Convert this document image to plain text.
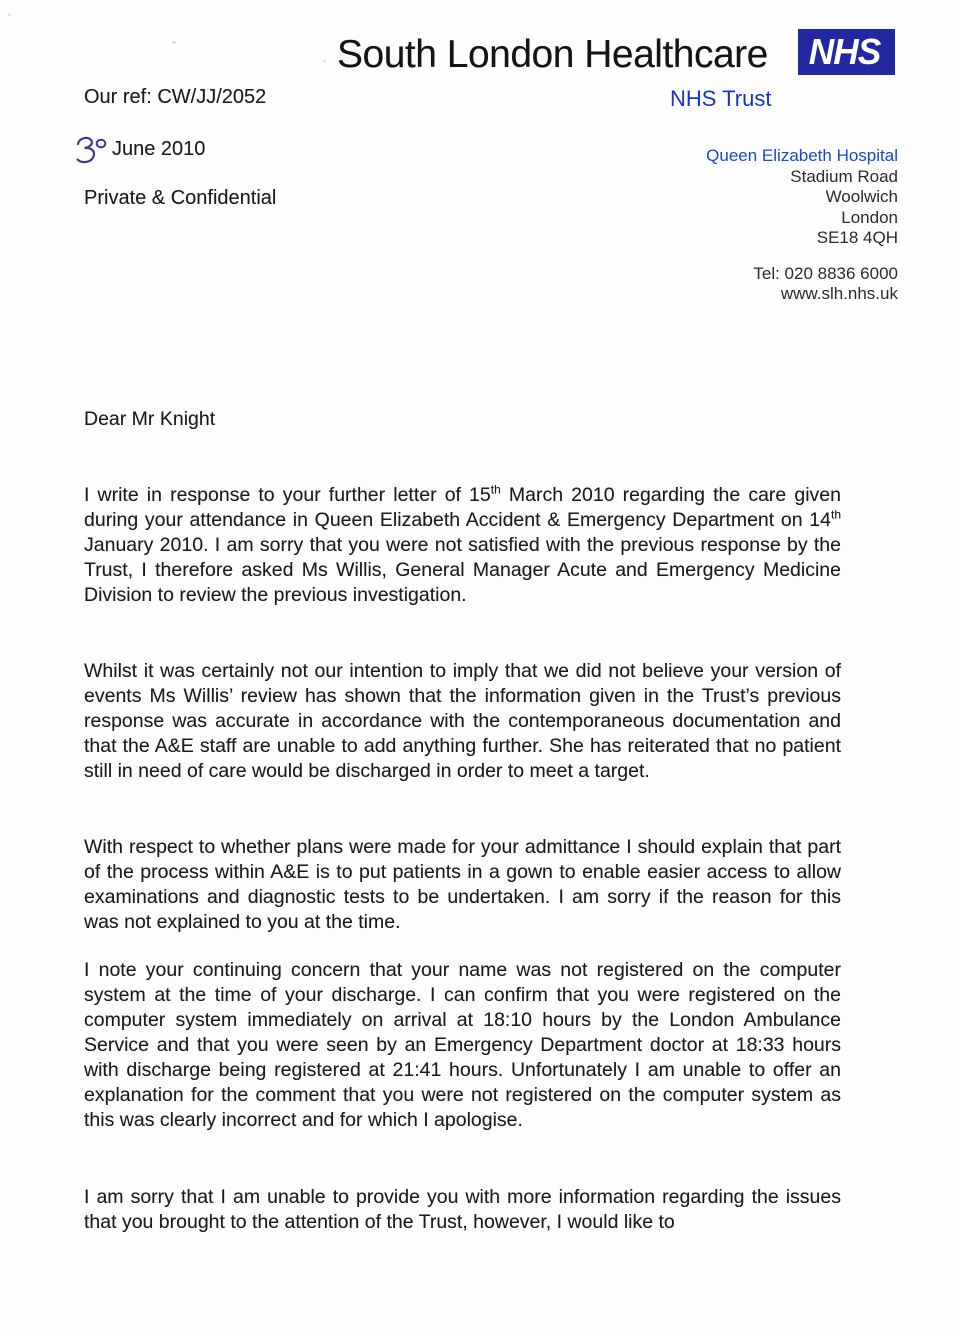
South London Healthcare NHS
NHS Trust
Our ref: CW/JJ/2052
June 2010
Private & Confidential
Queen Elizabeth Hospital
Stadium Road
Woolwich
London
SE18 4QH
Tel: 020 8836 6000
www.slh.nhs.uk
Dear Mr Knight

I write in response to your further letter of 15th March 2010 regarding the care given during your attendance in Queen Elizabeth Accident & Emergency Department on 14th January 2010. I am sorry that you were not satisfied with the previous response by the Trust, I therefore asked Ms Willis, General Manager Acute and Emergency Medicine Division to review the previous investigation.

Whilst it was certainly not our intention to imply that we did not believe your version of events Ms Willis’ review has shown that the information given in the Trust’s previous response was accurate in accordance with the contemporaneous documentation and that the A&E staff are unable to add anything further. She has reiterated that no patient still in need of care would be discharged in order to meet a target.

With respect to whether plans were made for your admittance I should explain that part of the process within A&E is to put patients in a gown to enable easier access to allow examinations and diagnostic tests to be undertaken. I am sorry if the reason for this was not explained to you at the time.

I note your continuing concern that your name was not registered on the computer system at the time of your discharge. I can confirm that you were registered on the computer system immediately on arrival at 18:10 hours by the London Ambulance Service and that you were seen by an Emergency Department doctor at 18:33 hours with discharge being registered at 21:41 hours. Unfortunately I am unable to offer an explanation for the comment that you were not registered on the computer system as this was clearly incorrect and for which I apologise.

I am sorry that I am unable to provide you with more information regarding the issues that you brought to the attention of the Trust, however, I would like to
